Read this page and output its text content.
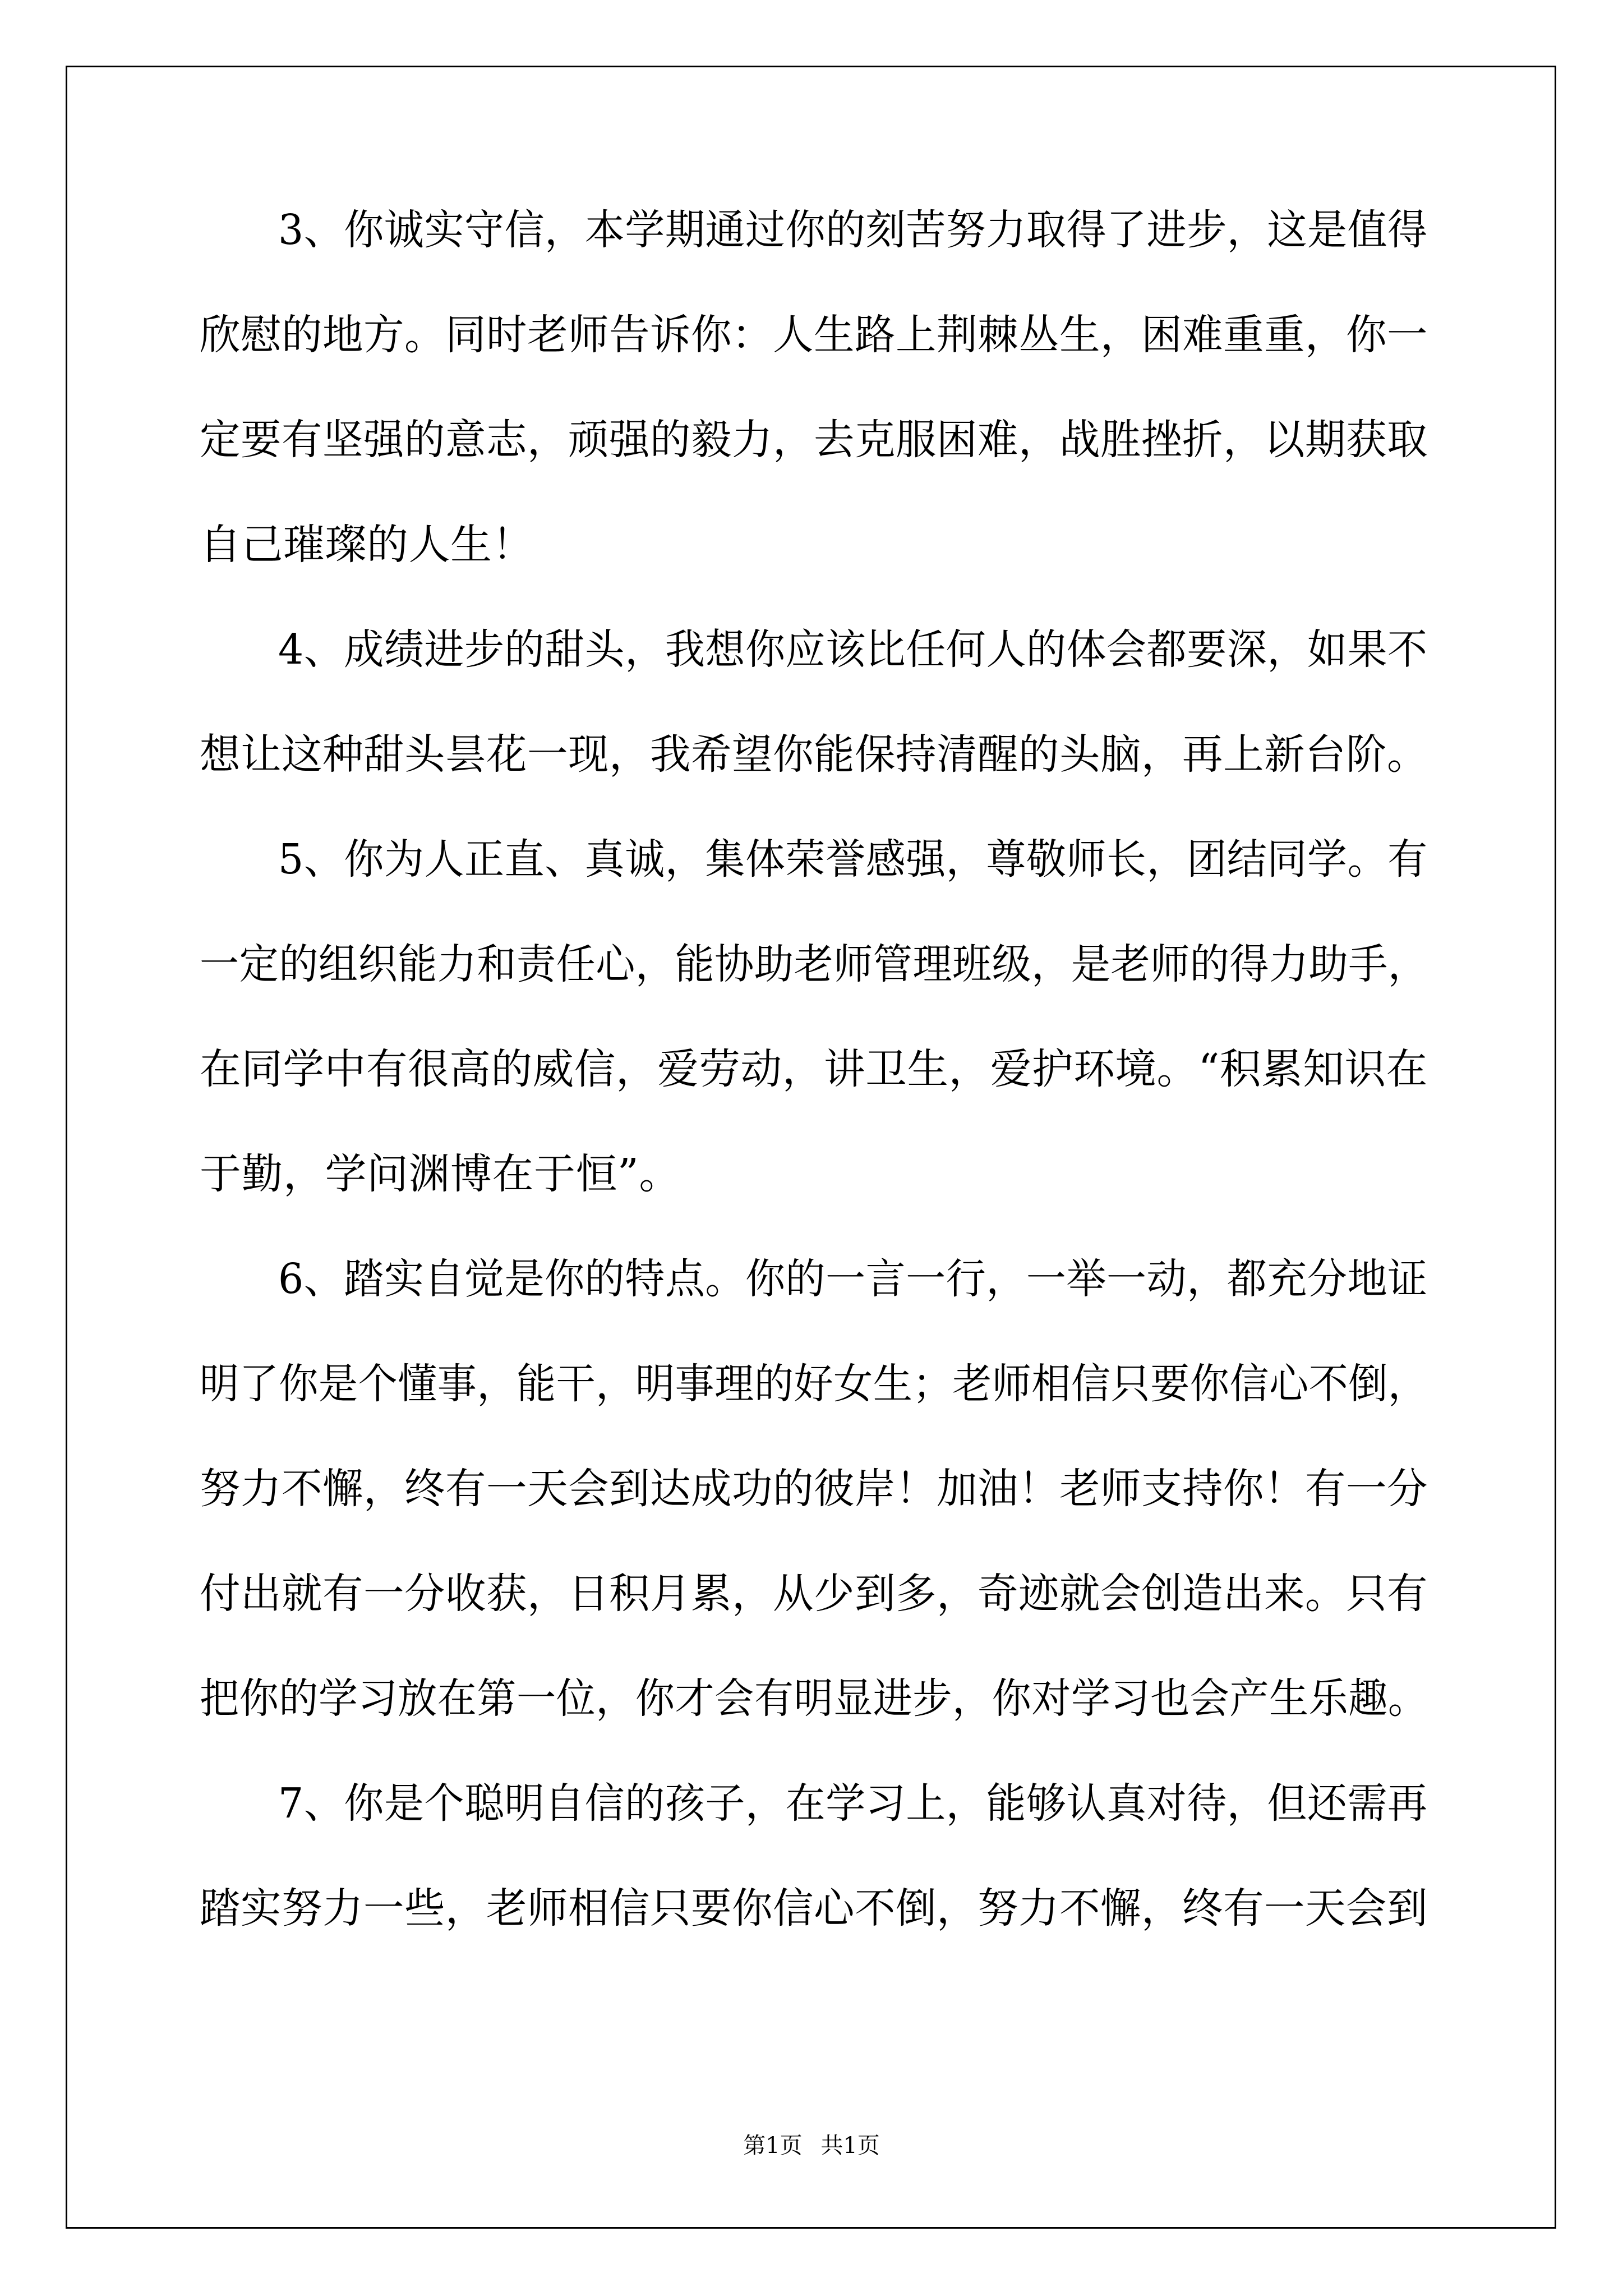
3、你诚实守信，本学期通过你的刻苦努力取得了进步，这是值得
欣慰的地方。同时老师告诉你：人生路上荆棘丛生，困难重重，你一
定要有坚强的意志，顽强的毅力，去克服困难，战胜挫折，以期获取
自己璀璨的人生！
4、成绩进步的甜头，我想你应该比任何人的体会都要深，如果不
想让这种甜头昙花一现，我希望你能保持清醒的头脑，再上新台阶。
5、你为人正直、真诚，集体荣誉感强，尊敬师长，团结同学。有
一定的组织能力和责任心，能协助老师管理班级，是老师的得力助手，
在同学中有很高的威信，爱劳动，讲卫生，爱护环境。“积累知识在
于勤，学问渊博在于恒”。
6、踏实自觉是你的特点。你的一言一行，一举一动，都充分地证
明了你是个懂事，能干，明事理的好女生；老师相信只要你信心不倒，
努力不懈，终有一天会到达成功的彼岸！加油！老师支持你！有一分
付出就有一分收获，日积月累，从少到多，奇迹就会创造出来。只有
把你的学习放在第一位，你才会有明显进步，你对学习也会产生乐趣。
7、你是个聪明自信的孩子，在学习上，能够认真对待，但还需再
踏实努力一些，老师相信只要你信心不倒，努力不懈，终有一天会到
第1页 共1页
